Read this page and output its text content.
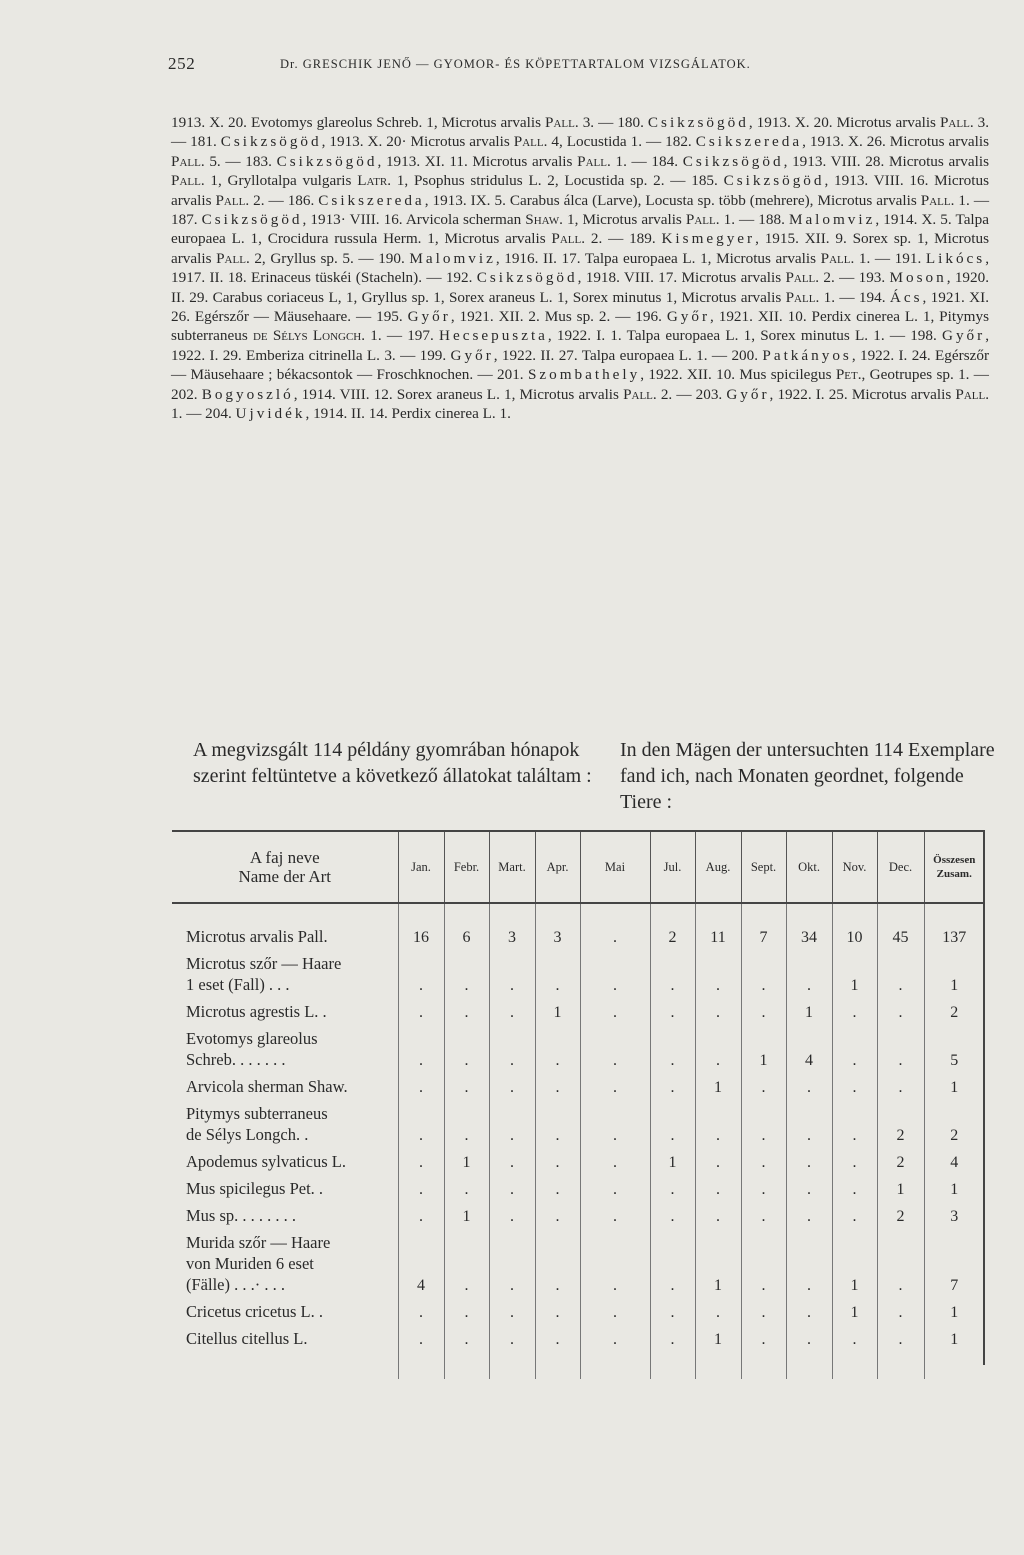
252	Dr. GRESCHIK JENŐ — GYOMOR- ÉS KÖPETTARTALOM VIZSGÁLATOK.

1913. X. 20. Evotomys glareolus Schreb. 1, Microtus arvalis Pall. 3. — 180. Csikzsögöd, 1913. X. 20. Microtus arvalis Pall. 3. — 181. Csikzsögöd, 1913. X. 20· Microtus arvalis Pall. 4, Locustida 1. — 182. Csikszereda, 1913. X. 26. Microtus arvalis Pall. 5. — 183. Csikzsögöd, 1913. XI. 11. Microtus arvalis Pall. 1. — 184. Csikzsögöd, 1913. VIII. 28. Microtus arvalis Pall. 1, Gryllotalpa vulgaris Latr. 1, Psophus stridulus L. 2, Locustida sp. 2. — 185. Csikzsögöd, 1913. VIII. 16. Microtus arvalis Pall. 2. — 186. Csikszereda, 1913. IX. 5. Carabus álca (Larve), Locusta sp. több (mehrere), Microtus arvalis Pall. 1. — 187. Csikzsögöd, 1913· VIII. 16. Arvicola scherman Shaw. 1, Microtus arvalis Pall. 1. — 188. Malomviz, 1914. X. 5. Talpa europaea L. 1, Crocidura russula Herm. 1, Microtus arvalis Pall. 2. — 189. Kismegyer, 1915. XII. 9. Sorex sp. 1, Microtus arvalis Pall. 2, Gryllus sp. 5. — 190. Malomviz, 1916. II. 17. Talpa europaea L. 1, Microtus arvalis Pall. 1. — 191. Likócs, 1917. II. 18. Erinaceus tüskéi (Stacheln). — 192. Csikzsögöd, 1918. VIII. 17. Microtus arvalis Pall. 2. — 193. Moson, 1920. II. 29. Carabus coriaceus L, 1, Gryllus sp. 1, Sorex araneus L. 1, Sorex minutus 1, Microtus arvalis Pall. 1. — 194. Ács, 1921. XI. 26. Egérszőr — Mäusehaare. — 195. Győr, 1921. XII. 2. Mus sp. 2. — 196. Győr, 1921. XII. 10. Perdix cinerea L. 1, Pitymys subterraneus de Sélys Longch. 1. — 197. Hecsepuszta, 1922. I. 1. Talpa europaea L. 1, Sorex minutus L. 1. — 198. Győr, 1922. I. 29. Emberiza citrinella L. 3. — 199. Győr, 1922. II. 27. Talpa europaea L. 1. — 200. Patkányos, 1922. I. 24. Egérszőr — Mäusehaare ; békacsontok — Froschknochen. — 201. Szombathely, 1922. XII. 10. Mus spicilegus Pet., Geotrupes sp. 1. — 202. Bogyoszló, 1914. VIII. 12. Sorex araneus L. 1, Microtus arvalis Pall. 2. — 203. Győr, 1922. I. 25. Microtus arvalis Pall. 1. — 204. Ujvidék, 1914. II. 14. Perdix cinerea L. 1.

A megvizsgált 114 példány gyomrában hónapok szerint feltüntetve a következő állatokat találtam :

In den Mägen der untersuchten 114 Exemplare fand ich, nach Monaten geordnet, folgende Tiere :

A faj neve
Name der Art	Jan.	Febr.	Mart.	Apr.	Mai	Jul.	Aug.	Sept.	Okt.	Nov.	Dec.	Összesen
Zusam.
Microtus arvalis Pall.	16	6	3	3	.	2	11	7	34	10	45	137
Microtus szőr — Haare
1 eset (Fall) . . .	.	.	.	.	.	.	.	.	.	1	.	1
Microtus agrestis L. .	.	.	.	1	.	.	.	.	1	.	.	2
Evotomys glareolus
Schreb. . . . . . .	.	.	.	.	.	.	.	1	4	.	.	5
Arvicola sherman Shaw.	.	.	.	.	.	.	1	.	.	.	.	1
Pitymys subterraneus
de Sélys Longch. .	.	.	.	.	.	.	.	.	.	.	2	2
Apodemus sylvaticus L.	.	1	.	.	.	1	.	.	.	.	2	4
Mus spicilegus Pet. .	.	.	.	.	.	.	.	.	.	.	1	1
Mus sp. . . . . . . .	.	1	.	.	.	.	.	.	.	.	2	3
Murida szőr — Haare
von Muriden 6 eset
(Fälle) . . .· . . .	4	.	.	.	.	.	1	.	.	1	.	7
Cricetus cricetus L. .	.	.	.	.	.	.	.	.	.	1	.	1
Citellus citellus L.	.	.	.	.	.	.	1	.	.	.	.	1
